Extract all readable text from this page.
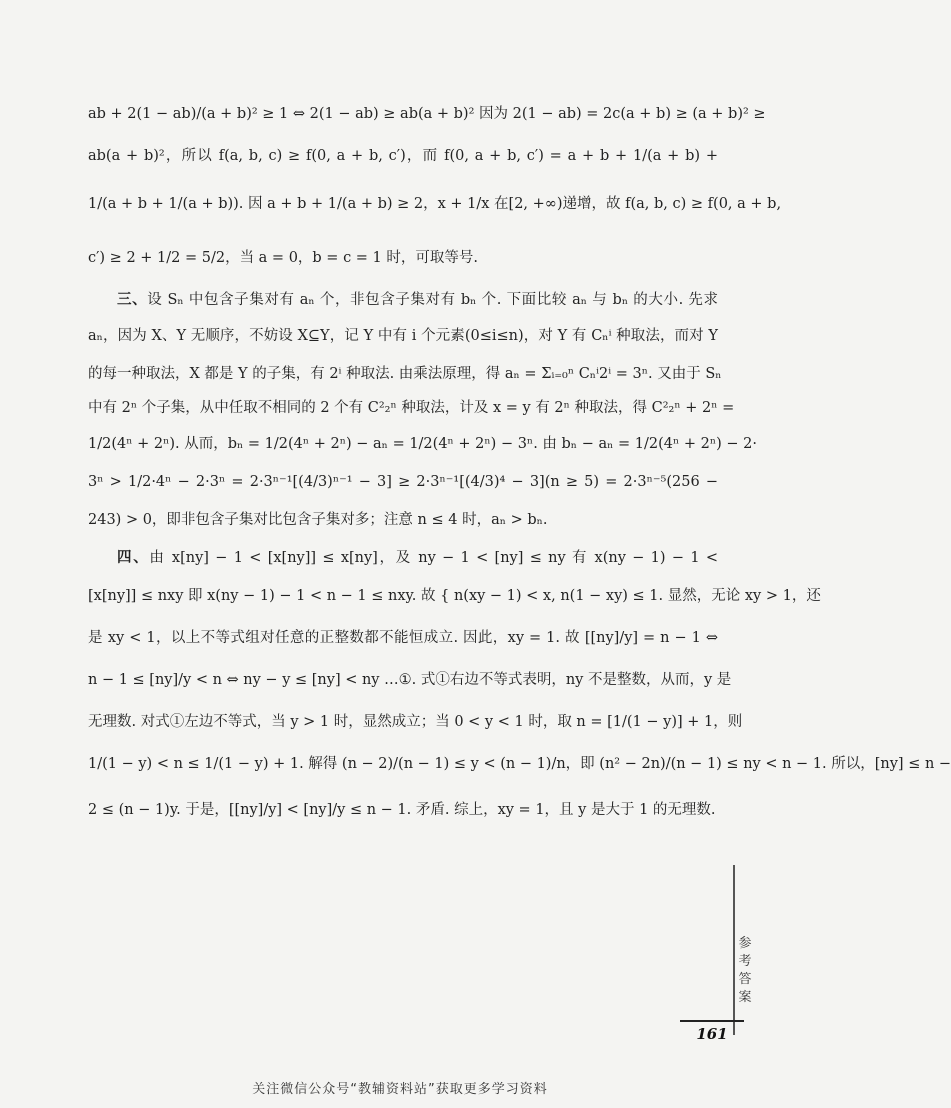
ab + 2(1 − ab)/(a + b)² ≥ 1 ⇔ 2(1 − ab) ≥ ab(a + b)² 因为 2(1 − ab) = 2c(a + b) ≥ (a + b)² ≥
ab(a + b)²，所以 f(a, b, c) ≥ f(0, a + b, c′)，而 f(0, a + b, c′) = a + b + 1/(a + b) +
1/(a + b + 1/(a + b)). 因 a + b + 1/(a + b) ≥ 2，x + 1/x 在[2, +∞)递增，故 f(a, b, c) ≥ f(0, a + b,
c′) ≥ 2 + 1/2 = 5/2，当 a = 0，b = c = 1 时，可取等号.
三、设 Sₙ 中包含子集对有 aₙ 个，非包含子集对有 bₙ 个. 下面比较 aₙ 与 bₙ 的大小. 先求
aₙ，因为 X、Y 无顺序，不妨设 X⊆Y，记 Y 中有 i 个元素(0≤i≤n)，对 Y 有 Cₙⁱ 种取法，而对 Y
的每一种取法，X 都是 Y 的子集，有 2ⁱ 种取法. 由乘法原理，得 aₙ = Σᵢ₌₀ⁿ Cₙⁱ2ⁱ = 3ⁿ. 又由于 Sₙ
中有 2ⁿ 个子集，从中任取不相同的 2 个有 C²₂ⁿ 种取法，计及 x = y 有 2ⁿ 种取法，得 C²₂ⁿ + 2ⁿ =
1/2(4ⁿ + 2ⁿ). 从而，bₙ = 1/2(4ⁿ + 2ⁿ) − aₙ = 1/2(4ⁿ + 2ⁿ) − 3ⁿ. 由 bₙ − aₙ = 1/2(4ⁿ + 2ⁿ) − 2·
3ⁿ > 1/2·4ⁿ − 2·3ⁿ = 2·3ⁿ⁻¹[(4/3)ⁿ⁻¹ − 3] ≥ 2·3ⁿ⁻¹[(4/3)⁴ − 3](n ≥ 5) = 2·3ⁿ⁻⁵(256 −
243) > 0，即非包含子集对比包含子集对多；注意 n ≤ 4 时，aₙ > bₙ.
四、由 x[ny] − 1 < [x[ny]] ≤ x[ny]，及 ny − 1 < [ny] ≤ ny 有 x(ny − 1) − 1 <
[x[ny]] ≤ nxy 即 x(ny − 1) − 1 < n − 1 ≤ nxy. 故 { n(xy − 1) < x, n(1 − xy) ≤ 1. 显然，无论 xy > 1，还
是 xy < 1，以上不等式组对任意的正整数都不能恒成立. 因此，xy = 1. 故 [[ny]/y] = n − 1 ⇔
n − 1 ≤ [ny]/y < n ⇔ ny − y ≤ [ny] < ny …①. 式①右边不等式表明，ny 不是整数，从而，y 是
无理数. 对式①左边不等式，当 y > 1 时，显然成立；当 0 < y < 1 时，取 n = [1/(1 − y)] + 1，则
1/(1 − y) < n ≤ 1/(1 − y) + 1. 解得 (n − 2)/(n − 1) ≤ y < (n − 1)/n，即 (n² − 2n)/(n − 1) ≤ ny < n − 1. 所以，[ny] ≤ n −
2 ≤ (n − 1)y. 于是，[[ny]/y] < [ny]/y ≤ n − 1. 矛盾. 综上，xy = 1，且 y 是大于 1 的无理数.
参考答案
161
关注微信公众号“教辅资料站”获取更多学习资料
